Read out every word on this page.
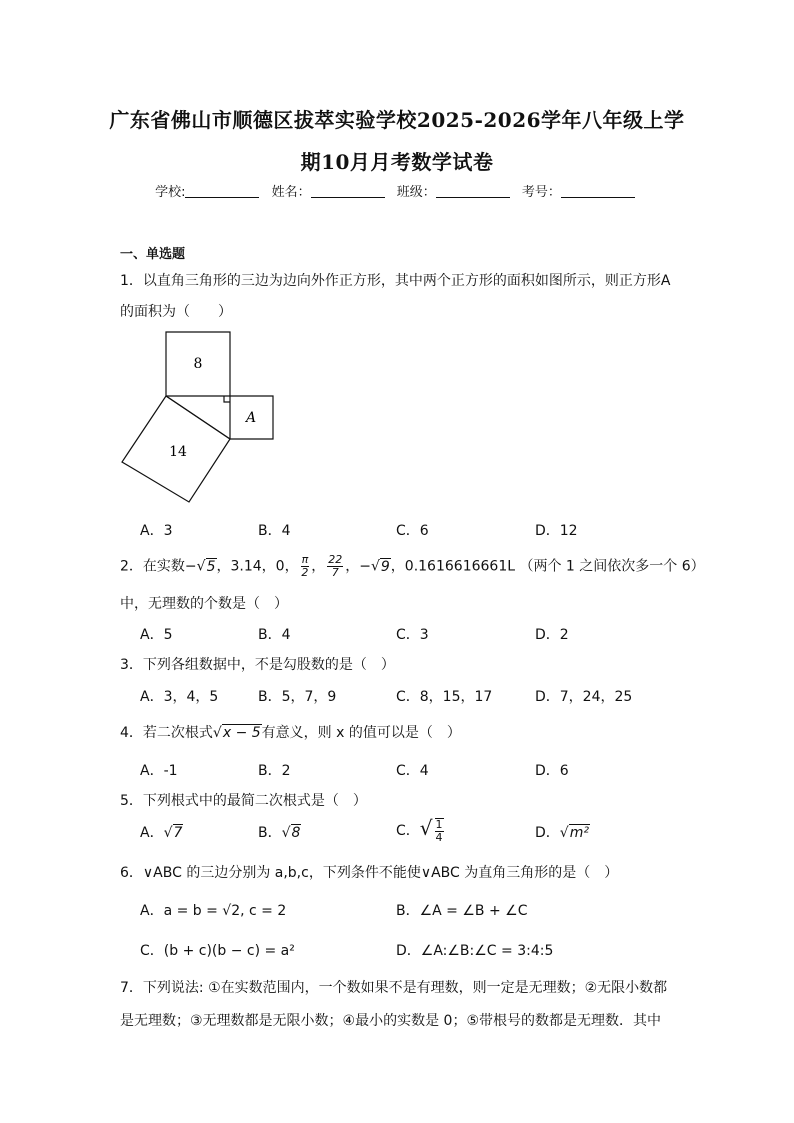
广东省佛山市顺德区拔萃实验学校2025-2026学年八年级上学
期10月月考数学试卷
学校:	姓名：	班级：	考号：
一、单选题
1．以直角三角形的三边为边向外作正方形，其中两个正方形的面积如图所示，则正方形A
的面积为（　　）
8
A
14
A．3	B．4	C．6	D．12
2．在实数−√5，3.14，0， $\frac{\pi}{2}$ ， $\frac{22}{7}$ ，−√9，0.1616616661L （两个 1 之间依次多一个 6）
中，无理数的个数是（　）
A．5	B．4	C．3	D．2
3．下列各组数据中，不是勾股数的是（　）
A．3，4，5	B．5，7，9	C．8，15，17	D．7，24，25
4．若二次根式√x − 5有意义，则 x 的值可以是（　）
A．-1	B．2	C．4	D．6
5．下列根式中的最简二次根式是（　）
A．√7	B．√8	C．√ $\frac{1}{4}$	D．√m²
6．∨ABC 的三边分别为 a,b,c，下列条件不能使∨ABC 为直角三角形的是（　）
A．a = b = √2, c = 2	B．∠A = ∠B + ∠C
C．(b + c)(b − c) = a²	D．∠A:∠B:∠C = 3:4:5
7．下列说法: ①在实数范围内，一个数如果不是有理数，则一定是无理数；②无限小数都
是无理数；③无理数都是无限小数；④最小的实数是 0；⑤带根号的数都是无理数．其中
